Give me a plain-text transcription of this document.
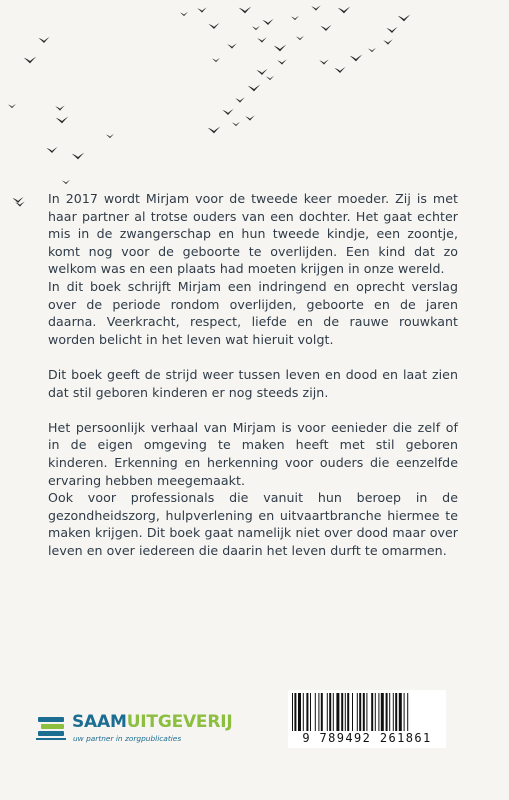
In 2017 wordt Mirjam voor de tweede keer moeder. Zij is met haar partner al trotse ouders van een dochter. Het gaat echter mis in de zwangerschap en hun tweede kindje, een zoontje, komt nog voor de geboorte te overlijden. Een kind dat zo welkom was en een plaats had moeten krijgen in onze wereld.

In dit boek schrijft Mirjam een indringend en oprecht verslag over de periode rondom overlijden, geboorte en de jaren daarna. Veerkracht, respect, liefde en de rauwe rouwkant worden belicht in het leven wat hieruit volgt.

Dit boek geeft de strijd weer tussen leven en dood en laat zien dat stil geboren kinderen er nog steeds zijn.

Het persoonlijk verhaal van Mirjam is voor eenieder die zelf of in de eigen omgeving te maken heeft met stil geboren kinderen. Erkenning en herkenning voor ouders die eenzelfde ervaring hebben meegemaakt.

Ook voor professionals die vanuit hun beroep in de gezondheidszorg, hulpverlening en uitvaartbranche hiermee te maken krijgen. Dit boek gaat namelijk niet over dood maar over leven en over iedereen die daarin het leven durft te omarmen.

SAAMUITGEVERIJ
uw partner in zorgpublicaties	9 789492 261861
